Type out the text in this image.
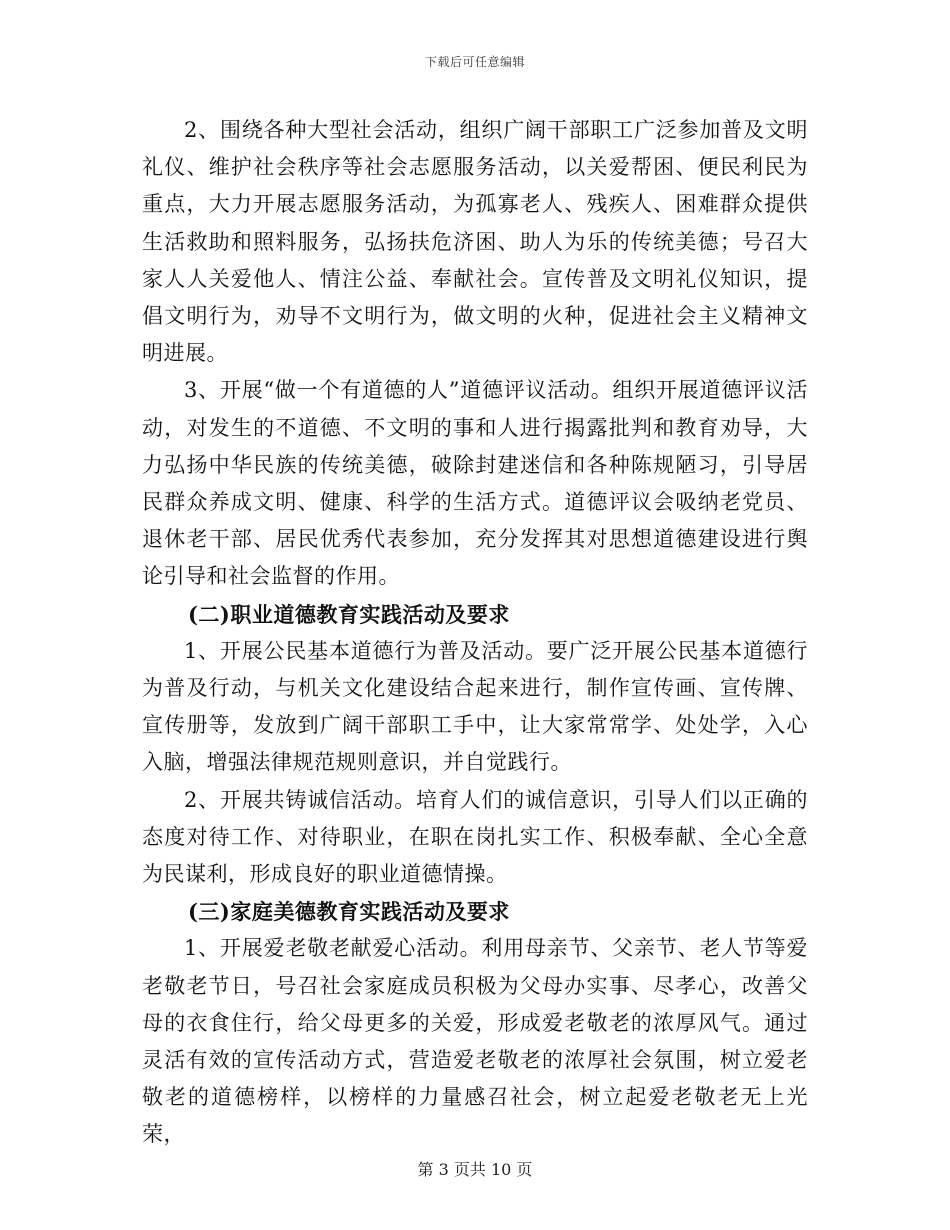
下载后可任意编辑

2、围绕各种大型社会活动，组织广阔干部职工广泛参加普及文明礼仪、维护社会秩序等社会志愿服务活动，以关爱帮困、便民利民为重点，大力开展志愿服务活动，为孤寡老人、残疾人、困难群众提供生活救助和照料服务，弘扬扶危济困、助人为乐的传统美德；号召大家人人关爱他人、情注公益、奉献社会。宣传普及文明礼仪知识，提倡文明行为，劝导不文明行为，做文明的火种，促进社会主义精神文明进展。

3、开展“做一个有道德的人”道德评议活动。组织开展道德评议活动，对发生的不道德、不文明的事和人进行揭露批判和教育劝导，大力弘扬中华民族的传统美德，破除封建迷信和各种陈规陋习，引导居民群众养成文明、健康、科学的生活方式。道德评议会吸纳老党员、退休老干部、居民优秀代表参加，充分发挥其对思想道德建设进行舆论引导和社会监督的作用。

(二)职业道德教育实践活动及要求

1、开展公民基本道德行为普及活动。要广泛开展公民基本道德行为普及行动，与机关文化建设结合起来进行，制作宣传画、宣传牌、宣传册等，发放到广阔干部职工手中，让大家常常学、处处学，入心入脑，增强法律规范规则意识，并自觉践行。

2、开展共铸诚信活动。培育人们的诚信意识，引导人们以正确的态度对待工作、对待职业，在职在岗扎实工作、积极奉献、全心全意为民谋利，形成良好的职业道德情操。

(三)家庭美德教育实践活动及要求

1、开展爱老敬老献爱心活动。利用母亲节、父亲节、老人节等爱老敬老节日，号召社会家庭成员积极为父母办实事、尽孝心，改善父母的衣食住行，给父母更多的关爱，形成爱老敬老的浓厚风气。通过灵活有效的宣传活动方式，营造爱老敬老的浓厚社会氛围，树立爱老敬老的道德榜样，以榜样的力量感召社会，树立起爱老敬老无上光荣，

第 3 页共 10 页
